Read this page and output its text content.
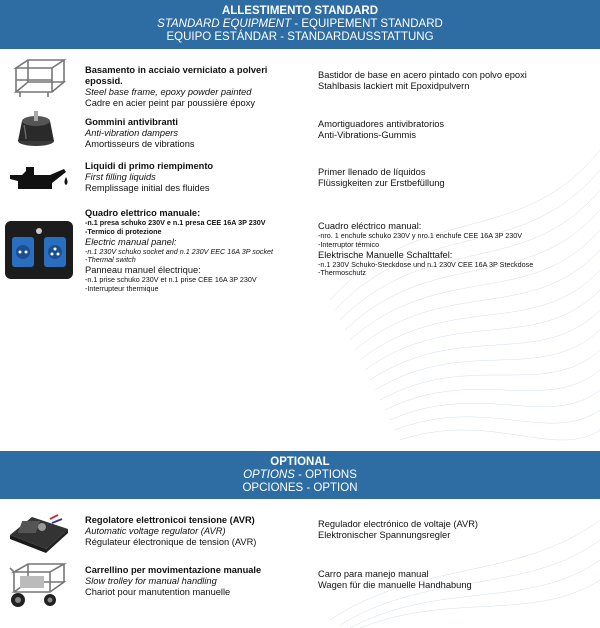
ALLESTIMENTO STANDARD
STANDARD EQUIPMENT - EQUIPEMENT STANDARD
EQUIPO ESTÁNDAR - STANDARDAUSSTATTUNG
Basamento in acciaio verniciato a polveri epossid.
Steel base frame, epoxy powder painted
Cadre en acier peint par poussière époxy
Bastidor de base en acero pintado con polvo epoxi
Stahlbasis lackiert mit Epoxidpulvern
Gommini antivibranti
Anti-vibration dampers
Amortisseurs de vibrations
Amortiguadores antivibratorios
Anti-Vibrations-Gummis
Liquidi di primo riempimento
First filling liquids
Remplissage initial des fluides
Primer llenado de líquidos
Flüssigkeiten zur Erstbefüllung
Quadro elettrico manuale:
-n.1 presa schuko 230V e n.1 presa CEE 16A 3P 230V
-Termico di protezione
Electric manual panel:
-n.1 230V schuko socket and n.1 230V EEC 16A 3P socket
-Thermal switch
Panneau manuel électrique:
-n.1 prise schuko 230V et n.1 prise CEE 16A 3P 230V
-Interrupteur thermique
Cuadro eléctrico manual:
-nro. 1 enchufe schuko 230V y nro.1 enchufe CEE 16A 3P 230V
-Interruptor térmico
Elektrische Manuelle Schalttafel:
-n.1 230V Schuko-Steckdose und n.1 230V CEE 16A 3P Steckdose
-Thermoschutz
OPTIONAL
OPTIONS - OPTIONS
OPCIONES - OPTION
Regolatore elettronicoi tensione (AVR)
Automatic voltage regulator (AVR)
Régulateur électronique de tension (AVR)
Regulador electrónico de voltaje (AVR)
Elektronischer Spannungsregler
Carrellino per movimentazione manuale
Slow trolley for manual handling
Chariot pour manutention manuelle
Carro para manejo manual
Wagen für die manuelle Handhabung
